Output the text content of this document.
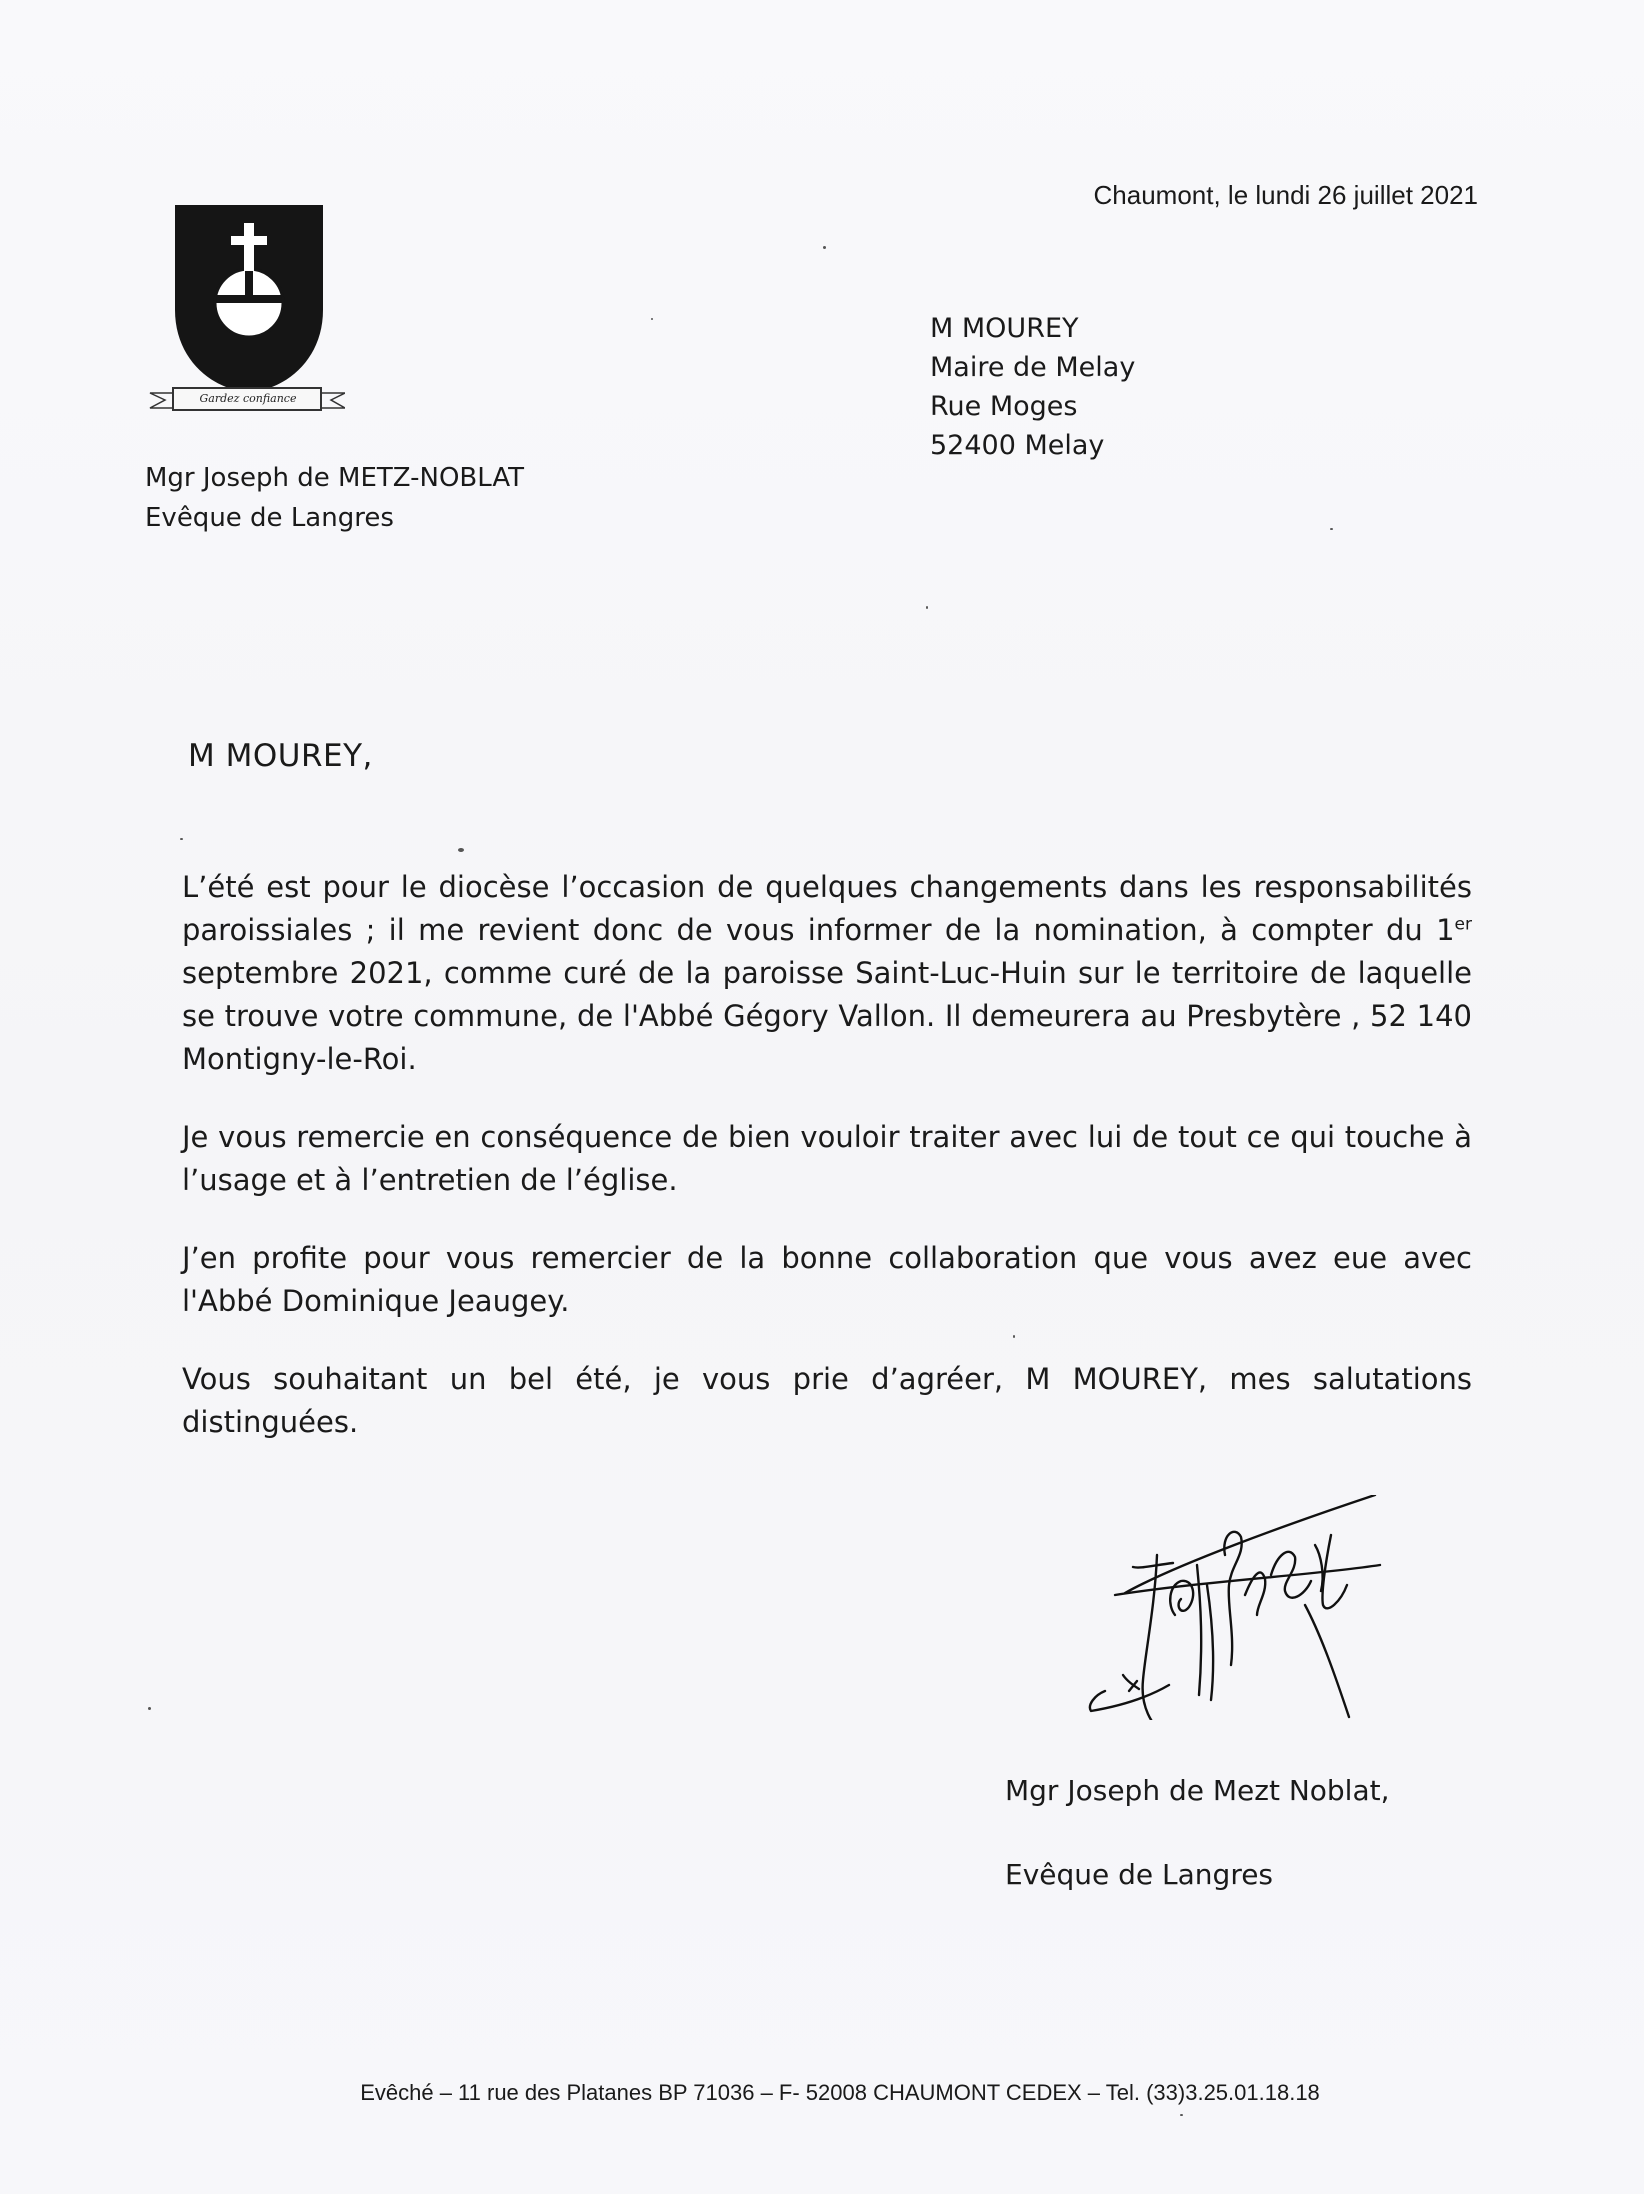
Chaumont, le lundi 26 juillet 2021
Gardez confiance
Mgr Joseph de METZ-NOBLAT
Evêque de Langres
M MOUREY
Maire de Melay
Rue Moges
52400 Melay
M MOUREY,

L’été est pour le diocèse l’occasion de quelques changements dans les responsabilités paroissiales ; il me revient donc de vous informer de la nomination, à compter du 1er septembre 2021, comme curé de la paroisse Saint-Luc-Huin sur le territoire de laquelle se trouve votre commune, de l'Abbé Gégory Vallon. Il demeurera au Presbytère , 52 140 Montigny-le-Roi.

Je vous remercie en conséquence de bien vouloir traiter avec lui de tout ce qui touche à l’usage et à l’entretien de l’église.

J’en profite pour vous remercier de la bonne collaboration que vous avez eue avec l'Abbé Dominique Jeaugey.

Vous souhaitant un bel été, je vous prie d’agréer, M MOUREY, mes salutations distinguées.

Mgr Joseph de Mezt Noblat,
Evêque de Langres
Evêché – 11 rue des Platanes BP 71036 – F- 52008 CHAUMONT CEDEX – Tel. (33)3.25.01.18.18
